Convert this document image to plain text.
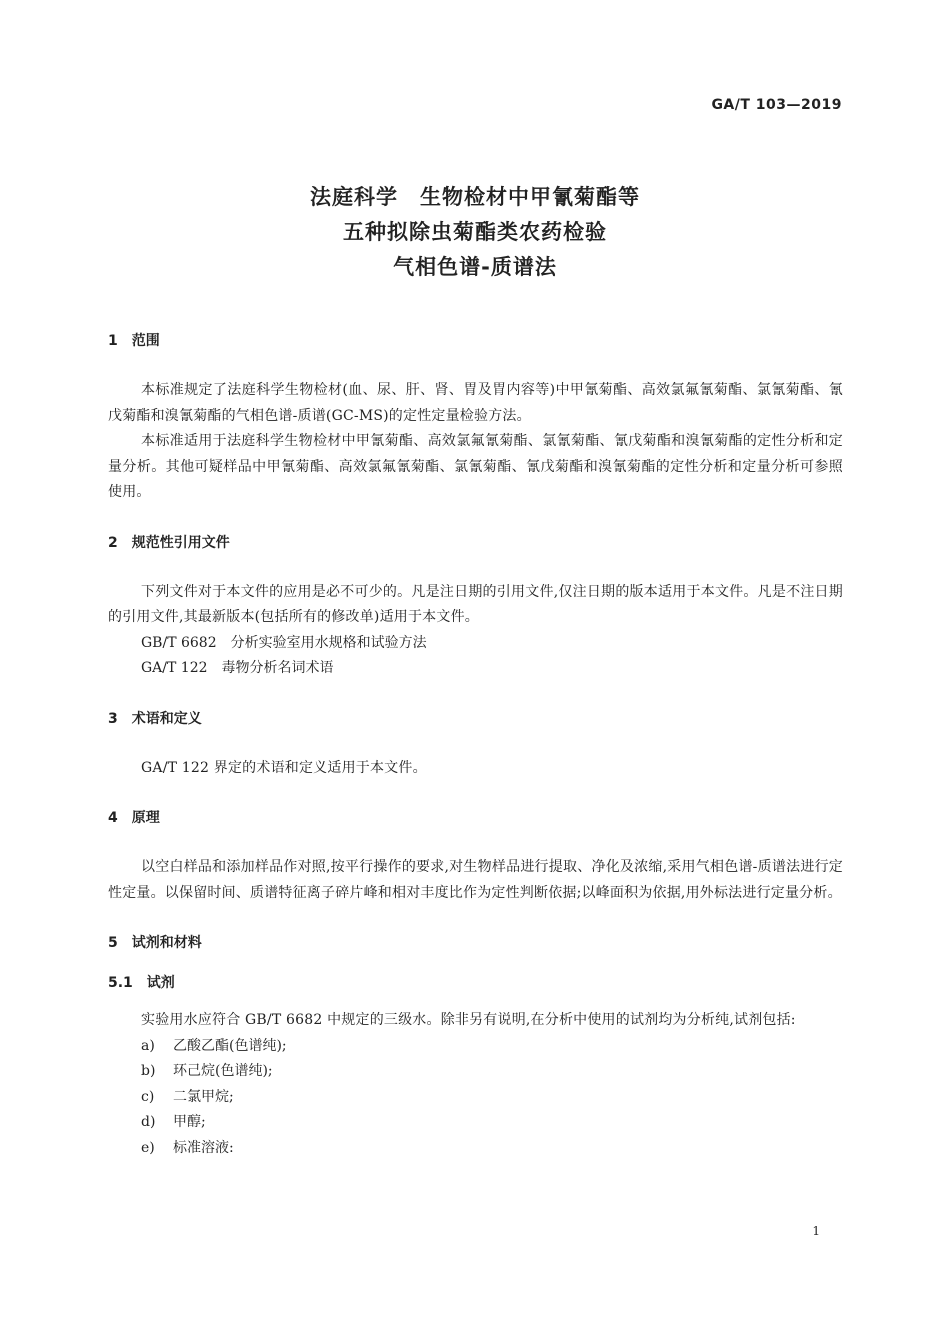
GA/T 103—2019
法庭科学　生物检材中甲氰菊酯等
五种拟除虫菊酯类农药检验
气相色谱-质谱法
1　范围
本标准规定了法庭科学生物检材(血、尿、肝、肾、胃及胃内容等)中甲氰菊酯、高效氯氟氰菊酯、氯氰菊酯、氰戊菊酯和溴氰菊酯的气相色谱-质谱(GC-MS)的定性定量检验方法。
本标准适用于法庭科学生物检材中甲氰菊酯、高效氯氟氰菊酯、氯氰菊酯、氰戊菊酯和溴氰菊酯的定性分析和定量分析。其他可疑样品中甲氰菊酯、高效氯氟氰菊酯、氯氰菊酯、氰戊菊酯和溴氰菊酯的定性分析和定量分析可参照使用。
2　规范性引用文件
下列文件对于本文件的应用是必不可少的。凡是注日期的引用文件,仅注日期的版本适用于本文件。凡是不注日期的引用文件,其最新版本(包括所有的修改单)适用于本文件。
GB/T 6682　分析实验室用水规格和试验方法
GA/T 122　毒物分析名词术语
3　术语和定义
GA/T 122 界定的术语和定义适用于本文件。
4　原理
以空白样品和添加样品作对照,按平行操作的要求,对生物样品进行提取、净化及浓缩,采用气相色谱-质谱法进行定性定量。以保留时间、质谱特征离子碎片峰和相对丰度比作为定性判断依据;以峰面积为依据,用外标法进行定量分析。
5　试剂和材料
5.1　试剂
实验用水应符合 GB/T 6682 中规定的三级水。除非另有说明,在分析中使用的试剂均为分析纯,试剂包括:
a) 乙酸乙酯(色谱纯);
b) 环己烷(色谱纯);
c) 二氯甲烷;
d) 甲醇;
e) 标准溶液:
1
